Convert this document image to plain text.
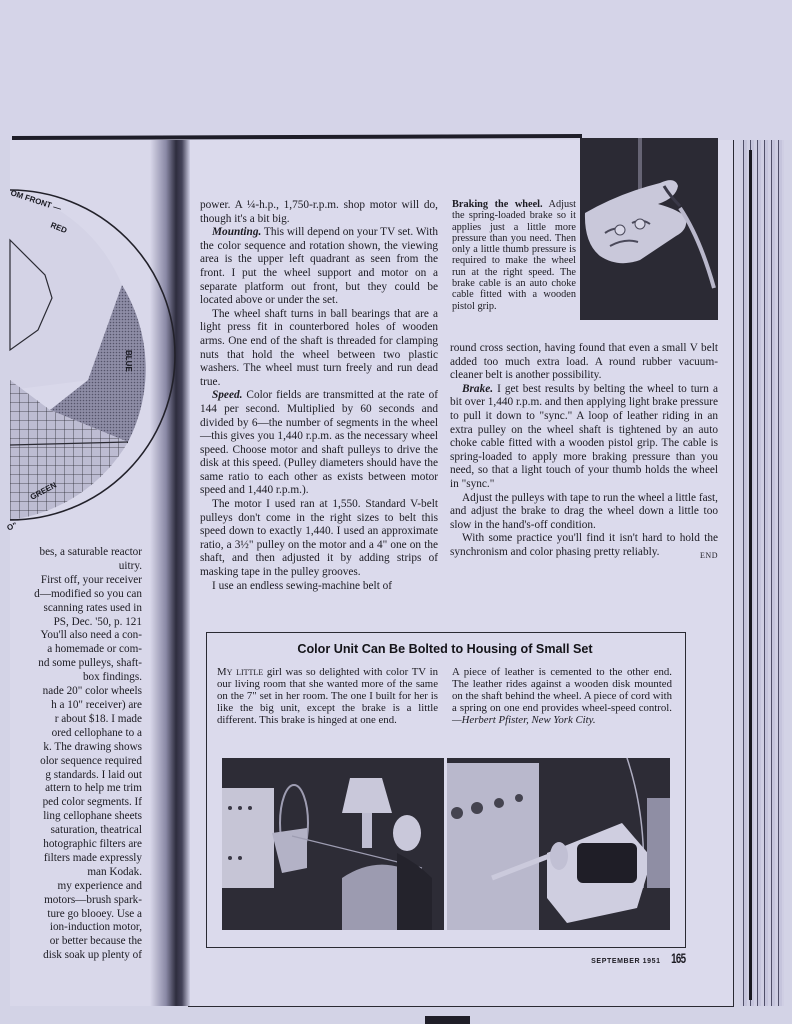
OM FRONT —
RED
BLUE
GREEN
O"
bes, a saturable reactor
uitry.
First off, your receiver
d—modified so you can
scanning rates used in
PS, Dec. '50, p. 121
You'll also need a con-
a homemade or com-
nd some pulleys, shaft-
box findings.
nade 20" color wheels
h a 10" receiver) are
r about $18. I made
ored cellophane to a
k. The drawing shows
olor sequence required
g standards. I laid out
attern to help me trim
ped color segments. If
ling cellophane sheets
saturation, theatrical
hotographic filters are
filters made expressly
man Kodak.
my experience and
motors—brush spark-
ture go blooey. Use a
ion-induction motor,
or better because the
disk soak up plenty of
Braking the wheel. Adjust the spring-loaded brake so it applies just a little more pressure than you need. Then only a little thumb pressure is required to make the wheel run at the right speed. The brake cable is an auto choke cable fitted with a wooden pistol grip.

power. A ¼-h.p., 1,750-r.p.m. shop motor will do, though it's a bit big.

Mounting. This will depend on your TV set. With the color sequence and rotation shown, the viewing area is the upper left quadrant as seen from the front. I put the wheel support and motor on a separate platform out front, but they could be located above or under the set.

The wheel shaft turns in ball bearings that are a light press fit in counterbored holes of wooden arms. One end of the shaft is threaded for clamping nuts that hold the wheel between two plastic washers. The wheel must turn freely and run dead true.

Speed. Color fields are transmitted at the rate of 144 per second. Multiplied by 60 seconds and divided by 6—the number of segments in the wheel—this gives you 1,440 r.p.m. as the necessary wheel speed. Choose motor and shaft pulleys to drive the disk at this speed. (Pulley diameters should have the same ratio to each other as exists between motor speed and 1,440 r.p.m.).

The motor I used ran at 1,550. Standard V-belt pulleys don't come in the right sizes to belt this speed down to exactly 1,440. I used an approximate ratio, a 3½" pulley on the motor and a 4" one on the shaft, and then adjusted it by adding strips of masking tape in the pulley grooves.

I use an endless sewing-machine belt of

round cross section, having found that even a small V belt added too much extra load. A round rubber vacuum-cleaner belt is another possibility.

Brake. I get best results by belting the wheel to turn a bit over 1,440 r.p.m. and then applying light brake pressure to pull it down to "sync." A loop of leather riding in an extra pulley on the wheel shaft is tightened by an auto choke cable fitted with a wooden pistol grip. The cable is spring-loaded to apply more braking pressure than you need, so that a light touch of your thumb holds the wheel in "sync."

Adjust the pulleys with tape to run the wheel a little fast, and adjust the brake to drag the wheel down a little too slow in the hand's-off condition.

With some practice you'll find it isn't hard to hold the synchronism and color phasing pretty reliably.	END

Color Unit Can Be Bolted to Housing of Small Set
My little girl was so delighted with color TV in our living room that she wanted more of the same on the 7" set in her room. The one I built for her is like the big unit, except the brake is a little different. This brake is hinged at one end.
A piece of leather is cemented to the other end. The leather rides against a wooden disk mounted on the shaft behind the wheel. A piece of cord with a spring on one end provides wheel-speed control.—Herbert Pfister, New York City.
SEPTEMBER 1951 165
